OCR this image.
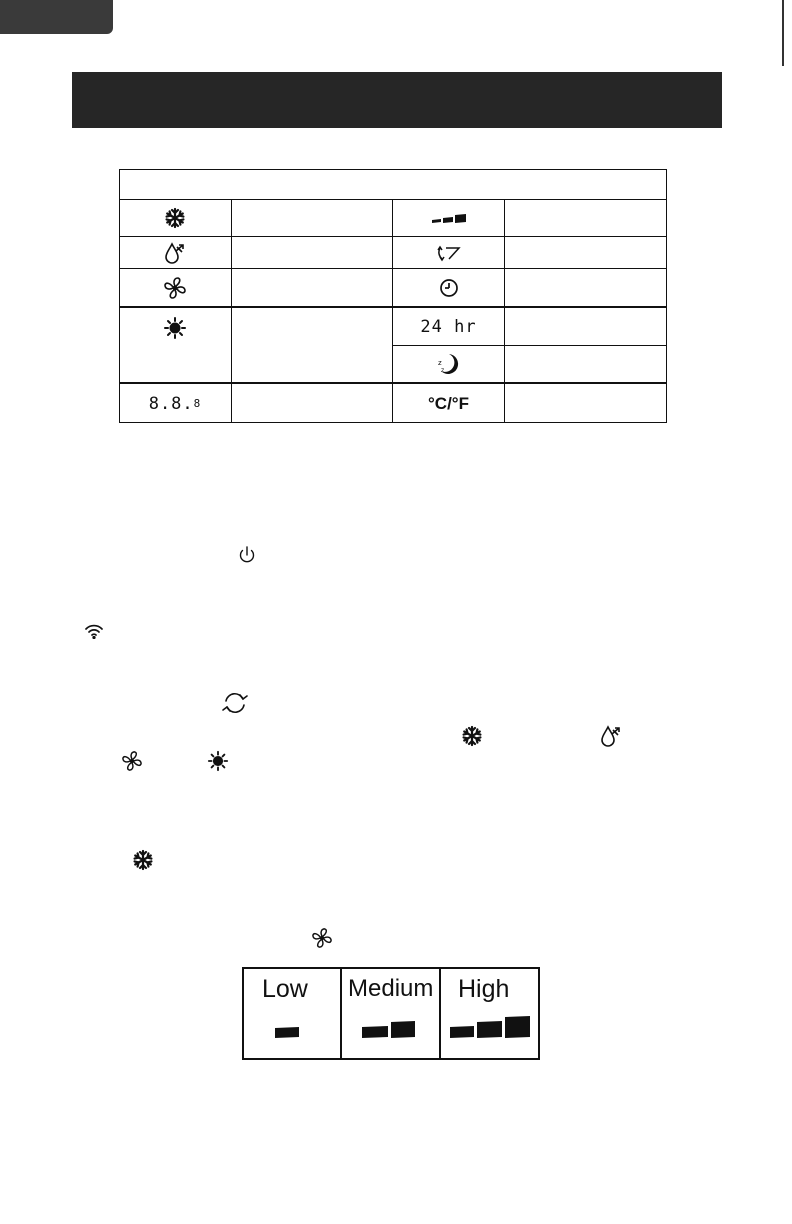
8.8. 8
24 hr
z
z
°C/°F
Low Medium High
